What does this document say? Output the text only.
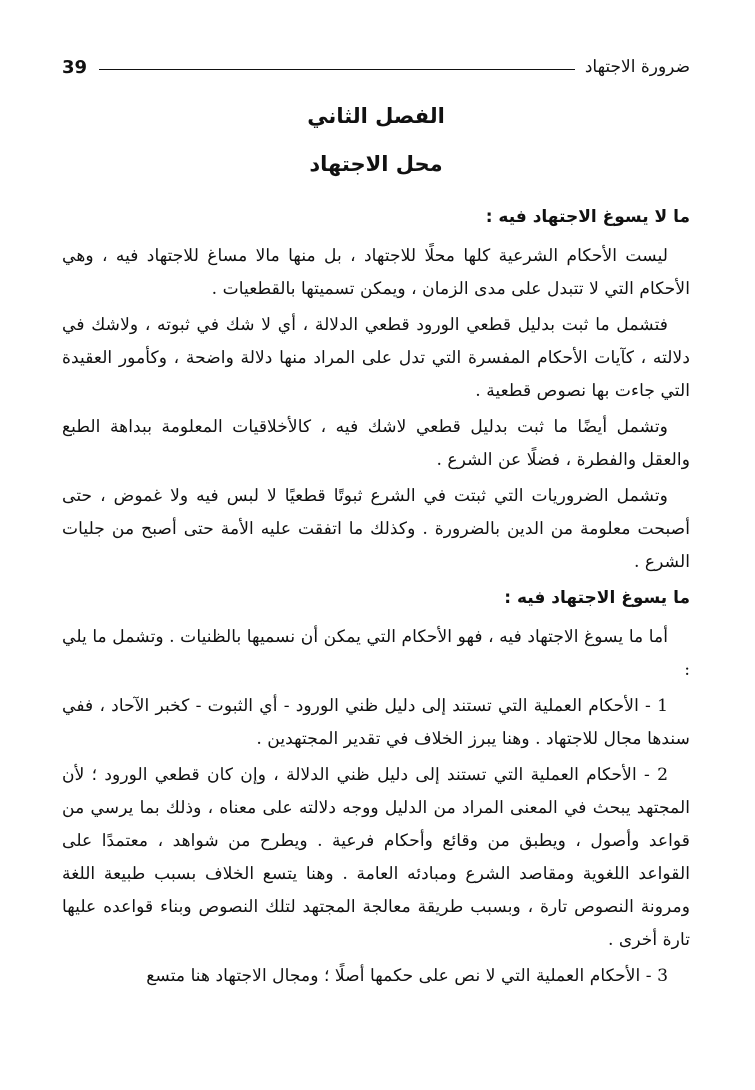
ضرورة الاجتهاد
39
الفصل الثاني
محل الاجتهاد
ما لا يسوغ الاجتهاد فيه :

ليست الأحكام الشرعية كلها محلًا للاجتهاد ، بل منها مالا مساغ للاجتهاد فيه ، وهي الأحكام التي لا تتبدل على مدى الزمان ، ويمكن تسميتها بالقطعيات .

فتشمل ما ثبت بدليل قطعي الورود قطعي الدلالة ، أي لا شك في ثبوته ، ولاشك في دلالته ، كآيات الأحكام المفسرة التي تدل على المراد منها دلالة واضحة ، وكأمور العقيدة التي جاءت بها نصوص قطعية .

وتشمل أيضًا ما ثبت بدليل قطعي لاشك فيه ، كالأخلاقيات المعلومة ببداهة الطبع والعقل والفطرة ، فضلًا عن الشرع .

وتشمل الضروريات التي ثبتت في الشرع ثبوتًا قطعيًا لا لبس فيه ولا غموض ، حتى أصبحت معلومة من الدين بالضرورة . وكذلك ما اتفقت عليه الأمة حتى أصبح من جليات الشرع .

ما يسوغ الاجتهاد فيه :

أما ما يسوغ الاجتهاد فيه ، فهو الأحكام التي يمكن أن نسميها بالظنيات . وتشمل ما يلي :

1 - الأحكام العملية التي تستند إلى دليل ظني الورود - أي الثبوت - كخبر الآحاد ، ففي سندها مجال للاجتهاد . وهنا يبرز الخلاف في تقدير المجتهدين .

2 - الأحكام العملية التي تستند إلى دليل ظني الدلالة ، وإن كان قطعي الورود ؛ لأن المجتهد يبحث في المعنى المراد من الدليل ووجه دلالته على معناه ، وذلك بما يرسي من قواعد وأصول ، ويطبق من وقائع وأحكام فرعية . ويطرح من شواهد ، معتمدًا على القواعد اللغوية ومقاصد الشرع ومبادئه العامة . وهنا يتسع الخلاف بسبب طبيعة اللغة ومرونة النصوص تارة ، وبسبب طريقة معالجة المجتهد لتلك النصوص وبناء قواعده عليها تارة أخرى .

3 - الأحكام العملية التي لا نص على حكمها أصلًا ؛ ومجال الاجتهاد هنا متسع
